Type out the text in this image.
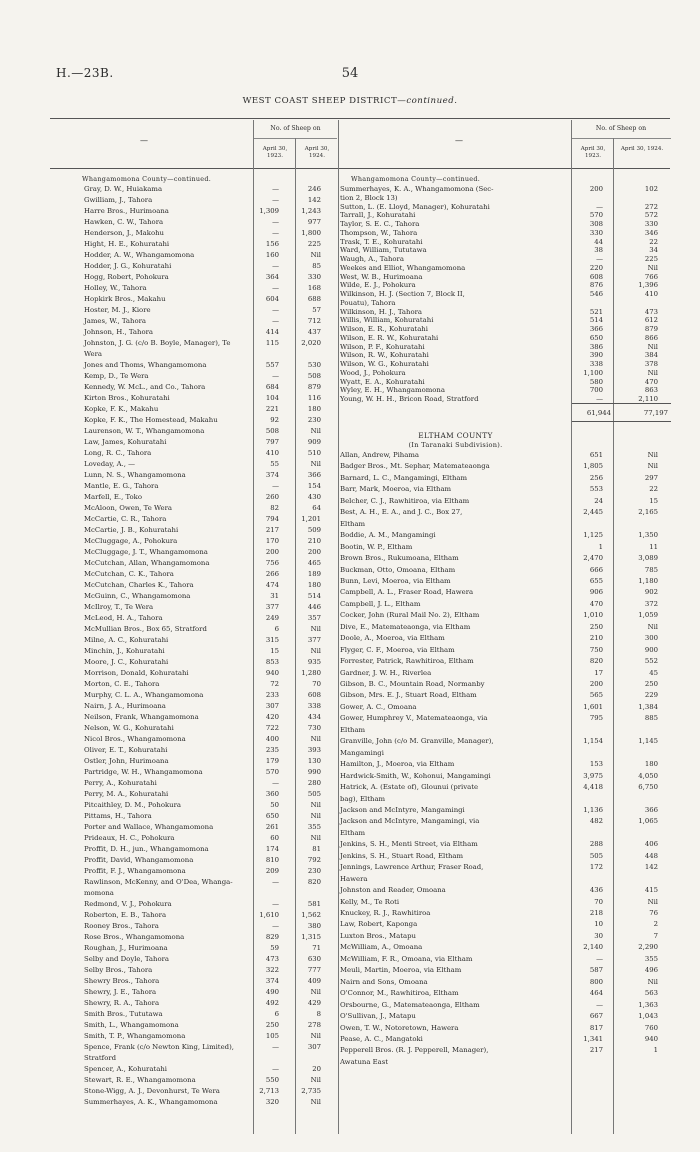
H.—23B.	54
WEST COAST SHEEP DISTRICT—continued.
—
No. of Sheep on
April 30, 1923.
April 30, 1924.
—
No. of Sheep on
April 30, 1923.
April 30, 1924.
Whangamomona County—continued.	Whangamomona County—continued.
Gray, D. W., Huiakama	—	246
Gwilliam, J., Tahora	—	142
Harre Bros., Hurimoana	1,309	1,243
Hawken, C. W., Tahora	—	977
Henderson, J., Makohu	—	1,800
Hight, H. E., Kohuratahi	156	225
Hodder, A. W., Whangamomona	160	Nil
Hodder, J. G., Kohuratahi	—	85
Hogg, Robert, Pohokura	364	330
Holley, W., Tahora	—	168
Hopkirk Bros., Makahu	604	688
Hoster, M. J., Kiore	—	57
James, W., Tahora	—	712
Johnson, H., Tahora	414	437
Johnston, J. G. (c/o B. Boyle, Manager), Te	115	2,020
Wera
Jones and Thoms, Whangamomona	557	530
Kemp, D., Te Wera	—	508
Kennedy, W. McL., and Co., Tahora	684	879
Kirton Bros., Kohuratahi	104	116
Kopke, F. K., Makahu	221	180
Kopke, F. K., The Homestead, Makahu	92	230
Laurenson, W. T., Whangamomona	508	Nil
Law, James, Kohuratahi	797	909
Long, R. C., Tahora	410	510
Loveday, A., —	55	Nil
Lunn, N. S., Whangamomona	374	366
Mantle, E. G., Tahora	—	154
Marfell, E., Toko	260	430
McAloon, Owen, Te Wera	82	64
McCartie, C. R., Tahora	794	1,201
McCartie, J. B., Kohuratahi	217	509
McCluggage, A., Pohokura	170	210
McCluggage, J. T., Whangamomona	200	200
McCutchan, Allan, Whangamomona	756	465
McCutchan, C. K., Tahora	266	189
McCutchan, Charles K., Tahora	474	180
McGuinn, C., Whangamomona	31	514
McIlroy, T., Te Wera	377	446
McLeod, H. A., Tahora	249	357
McMullian Bros., Box 65, Stratford	6	Nil
Milne, A. C., Kohuratahi	315	377
Minchin, J., Kohuratahi	15	Nil
Moore, J. C., Kohuratahi	853	935
Morrison, Donald, Kohuratahi	940	1,280
Morton, C. E., Tahora	72	70
Murphy, C. L. A., Whangamomona	233	608
Nairn, J. A., Hurimoana	307	338
Neilson, Frank, Whangamomona	420	434
Nelson, W. G., Kohuratahi	722	730
Nicol Bros., Whangamomona	400	Nil
Oliver, E. T., Kohuratahi	235	393
Ostler, John, Hurimoana	179	130
Partridge, W. H., Whangamomona	570	990
Perry, A., Kohuratahi	—	280
Perry, M. A., Kohuratahi	360	505
Pitcaithley, D. M., Pohokura	50	Nil
Pittams, H., Tahora	650	Nil
Porter and Wallace, Whangamomona	261	355
Prideaux, H. C., Pohokura	60	Nil
Proffit, D. H., jun., Whangamomona	174	81
Proffit, David, Whangamomona	810	792
Proffit, F. J., Whangamomona	209	230
Rawlinson, McKenny, and O'Dea, Whanga-	—	820
momona
Redmond, V. J., Pohokura	—	581
Roberton, E. B., Tahora	1,610	1,562
Rooney Bros., Tahora	—	380
Rose Bros., Whangamomona	829	1,315
Roughan, J., Hurimoana	59	71
Selby and Doyle, Tahora	473	630
Selby Bros., Tahora	322	777
Shewry Bros., Tahora	374	409
Shewry, J. E., Tahora	490	Nil
Shewry, R. A., Tahora	492	429
Smith Bros., Tututawa	6	8
Smith, L., Whangamomona	250	278
Smith, T. P., Whangamomona	105	Nil
Spence, Frank (c/o Newton King, Limited),	—	307
Stratford
Spencer, A., Kohuratahi	—	20
Stewart, R. E., Whangamomona	550	Nil
Stone-Wigg, A. J., Devonhurst, Te Wera	2,713	2,735
Summerhayes, A. K., Whangamomona	320	Nil
Summerhayes, K. A., Whangamomona (Sec-	200	102
tion 2, Block 13)
Sutton, L. (E. Lloyd, Manager), Kohuratahi	—	272
Tarrall, J., Kohuratahi	570	572
Taylor, S. E. C., Tahora	308	330
Thompson, W., Tahora	330	346
Trask, T. E., Kohuratahi	44	22
Ward, William, Tututawa	38	34
Waugh, A., Tahora	—	225
Weekes and Elliot, Whangamomona	220	Nil
West, W. B., Hurimoana	608	766
Wilde, E. J., Pohokura	876	1,396
Wilkinson, H. J. (Section 7, Block II,	546	410
Pouatu), Tahora
Wilkinson, H. J., Tahora	521	473
Willis, William, Kohuratahi	514	612
Wilson, E. R., Kohuratahi	366	879
Wilson, E. R. W., Kohuratahi	650	866
Wilson, P. F., Kohuratahi	386	Nil
Wilson, R. W., Kohuratahi	390	384
Wilson, W. G., Kohuratahi	338	378
Wood, J., Pohokura	1,100	Nil
Wyatt, E. A., Kohuratahi	580	470
Wyley, E. H., Whangamomona	700	863
Young, W. H. H., Bricon Road, Stratford	—	2,110
61,944	77,197
ELTHAM COUNTY
(In Taranaki Subdivision).
Allan, Andrew, Pihama	651	Nil
Badger Bros., Mt. Sephar, Matemateaonga	1,805	Nil
Barnard, L. C., Mangamingi, Eltham	256	297
Barr, Mark, Moeroa, via Eltham	553	22
Belcher, C. J., Rawhitiroa, via Eltham	24	15
Best, A. H., E. A., and J. C., Box 27,	2,445	2,165
Eltham
Boddie, A. M., Mangamingi	1,125	1,350
Bootin, W. P., Eltham	1	11
Brown Bros., Rukumoana, Eltham	2,470	3,089
Buckman, Otto, Omoana, Eltham	666	785
Bunn, Levi, Moeroa, via Eltham	655	1,180
Campbell, A. L., Fraser Road, Hawera	906	902
Campbell, J. L., Eltham	470	372
Cocker, John (Rural Mail No. 2), Eltham	1,010	1,059
Dive, E., Matemateaonga, via Eltham	250	Nil
Doole, A., Moeroa, via Eltham	210	300
Flyger, C. F., Moeroa, via Eltham	750	900
Forrester, Patrick, Rawhitiroa, Eltham	820	552
Gardner, J. W. H., Riverlea	17	45
Gibson, B. C., Mountain Road, Normanby	200	250
Gibson, Mrs. E. J., Stuart Road, Eltham	565	229
Gower, A. C., Omoana	1,601	1,384
Gower, Humphrey V., Matemateaonga, via	795	885
Eltham
Granville, John (c/o M. Granville, Manager),	1,154	1,145
Mangamingi
Hamilton, J., Moeroa, via Eltham	153	180
Hardwick-Smith, W., Kohonui, Mangamingi	3,975	4,050
Hatrick, A. (Estate of), Glounui (private	4,418	6,750
bag), Eltham
Jackson and McIntyre, Mangamingi	1,136	366
Jackson and McIntyre, Mangamingi, via	482	1,065
Eltham
Jenkins, S. H., Menti Street, via Eltham	288	406
Jenkins, S. H., Stuart Road, Eltham	505	448
Jennings, Lawrence Arthur, Fraser Road,	172	142
Hawera
Johnston and Reader, Omoana	436	415
Kelly, M., Te Roti	70	Nil
Knuckey, R. J., Rawhitiroa	218	76
Law, Robert, Kaponga	10	2
Luxton Bros., Matapu	30	7
McWilliam, A., Omoana	2,140	2,290
McWilliam, F. R., Omoana, via Eltham	—	355
Meuli, Martin, Moeroa, via Eltham	587	496
Nairn and Sons, Omoana	800	Nil
O'Connor, M., Rawhitiroa, Eltham	464	563
Orsbourne, G., Matemateaonga, Eltham	—	1,363
O'Sullivan, J., Matapu	667	1,043
Owen, T. W., Notoretown, Hawera	817	760
Pease, A. C., Mangatoki	1,341	940
Pepperell Bros. (R. J. Pepperell, Manager),	217	1
Awatuna East
